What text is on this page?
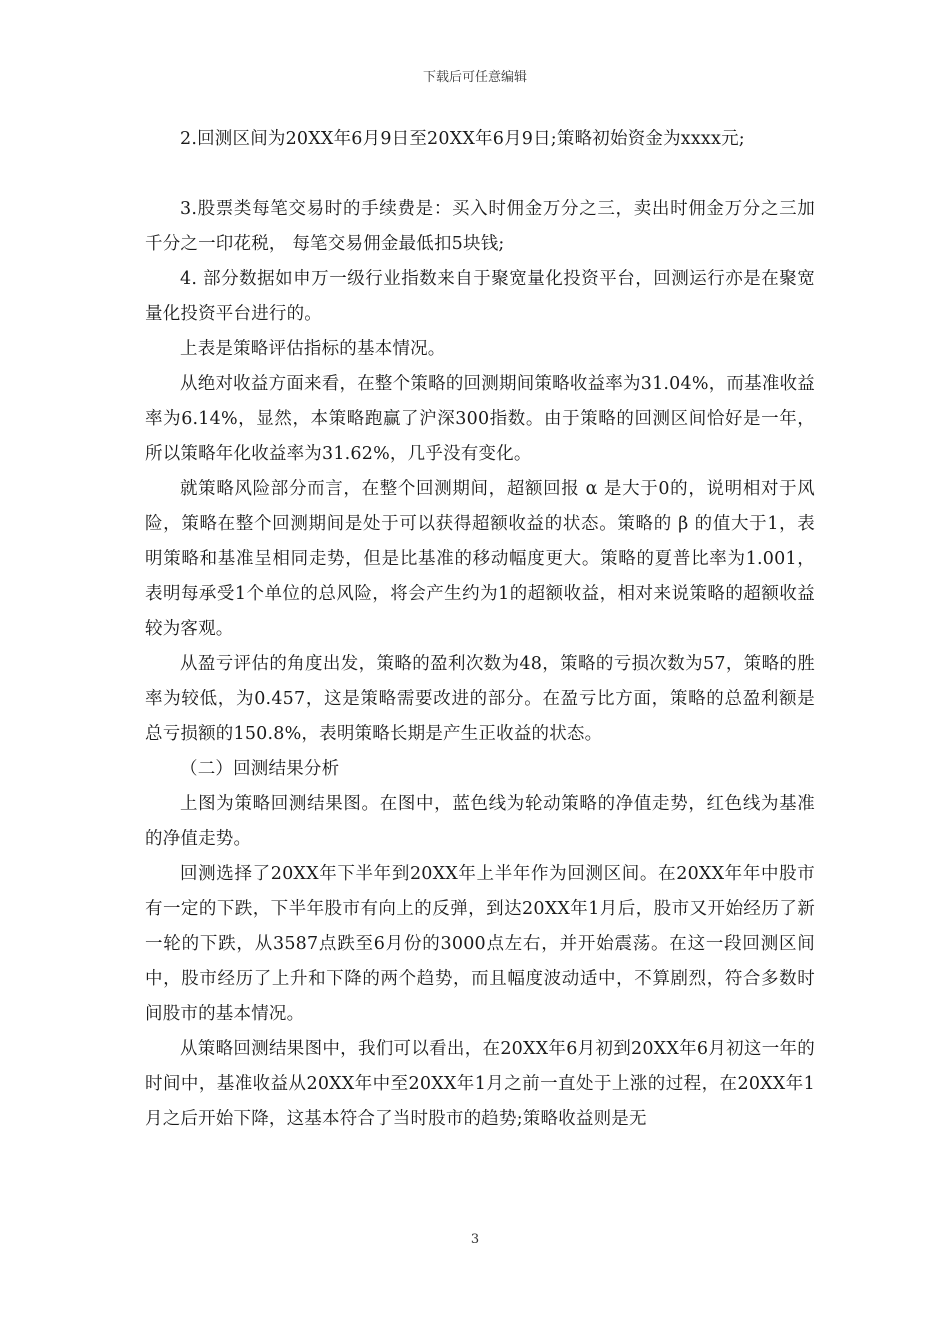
下载后可任意编辑

2.回测区间为20XX年6月9日至20XX年6月9日;策略初始资金为xxxx元;

3.股票类每笔交易时的手续费是：买入时佣金万分之三，卖出时佣金万分之三加千分之一印花税， 每笔交易佣金最低扣5块钱;

4. 部分数据如申万一级行业指数来自于聚宽量化投资平台，回测运行亦是在聚宽量化投资平台进行的。

上表是策略评估指标的基本情况。

从绝对收益方面来看，在整个策略的回测期间策略收益率为31.04%，而基准收益率为6.14%，显然，本策略跑赢了沪深300指数。由于策略的回测区间恰好是一年，所以策略年化收益率为31.62%，几乎没有变化。

就策略风险部分而言，在整个回测期间，超额回报 α 是大于0的，说明相对于风险，策略在整个回测期间是处于可以获得超额收益的状态。策略的 β 的值大于1，表明策略和基准呈相同走势，但是比基准的移动幅度更大。策略的夏普比率为1.001，表明每承受1个单位的总风险，将会产生约为1的超额收益，相对来说策略的超额收益较为客观。

从盈亏评估的角度出发，策略的盈利次数为48，策略的亏损次数为57，策略的胜率为较低，为0.457，这是策略需要改进的部分。在盈亏比方面，策略的总盈利额是总亏损额的150.8%，表明策略长期是产生正收益的状态。

（二）回测结果分析

上图为策略回测结果图。在图中，蓝色线为轮动策略的净值走势，红色线为基准的净值走势。

回测选择了20XX年下半年到20XX年上半年作为回测区间。在20XX年年中股市有一定的下跌，下半年股市有向上的反弹，到达20XX年1月后，股市又开始经历了新一轮的下跌，从3587点跌至6月份的3000点左右，并开始震荡。在这一段回测区间中，股市经历了上升和下降的两个趋势，而且幅度波动适中，不算剧烈，符合多数时间股市的基本情况。

从策略回测结果图中，我们可以看出，在20XX年6月初到20XX年6月初这一年的时间中，基准收益从20XX年中至20XX年1月之前一直处于上涨的过程，在20XX年1月之后开始下降，这基本符合了当时股市的趋势;策略收益则是无

3
